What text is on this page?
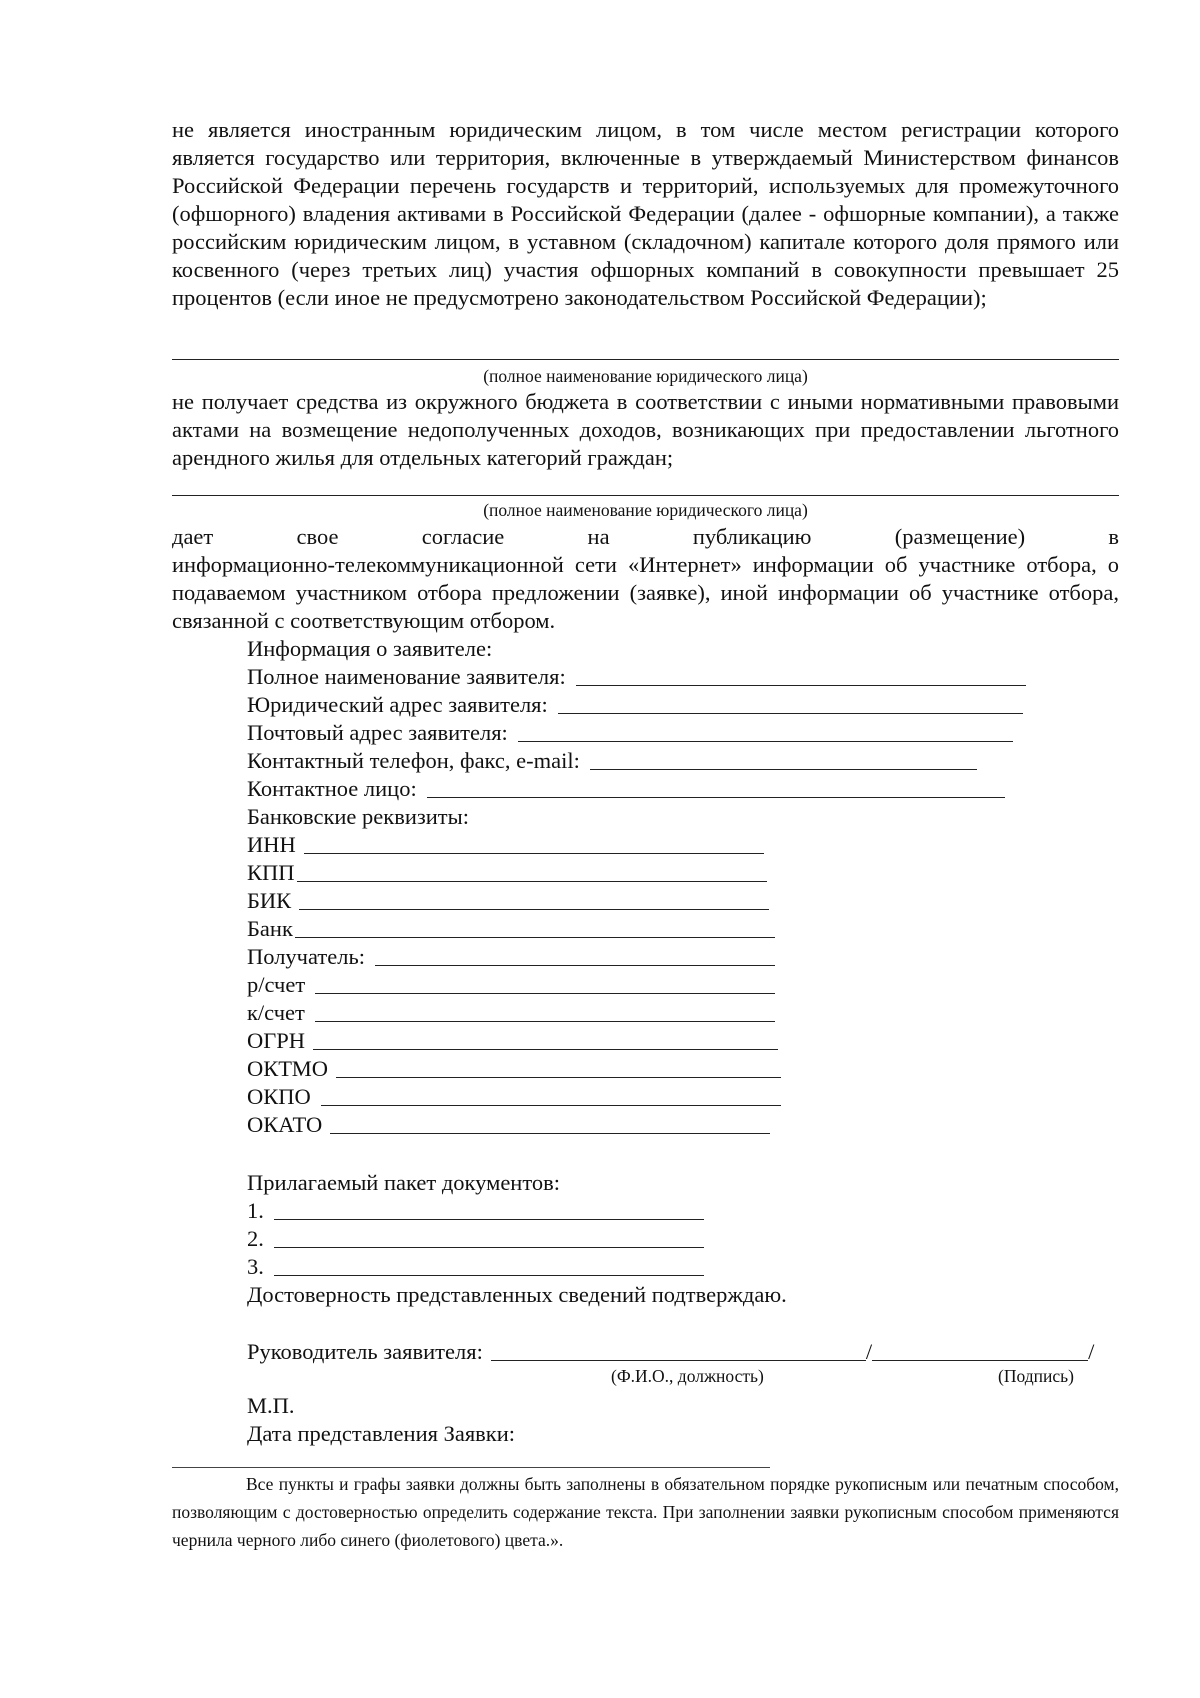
не является иностранным юридическим лицом, в том числе местом регистрации которого является государство или территория, включенные в утверждаемый Министерством финансов Российской Федерации перечень государств и территорий, используемых для промежуточного (офшорного) владения активами в Российской Федерации (далее - офшорные компании), а также российским юридическим лицом, в уставном (складочном) капитале которого доля прямого или косвенного (через третьих лиц) участия офшорных компаний в совокупности превышает 25 процентов (если иное не предусмотрено законодательством Российской Федерации);
(полное наименование юридического лица)
не получает средства из окружного бюджета в соответствии с иными нормативными правовыми актами на возмещение недополученных доходов, возникающих при предоставлении льготного арендного жилья для отдельных категорий граждан;
(полное наименование юридического лица)
дает свое согласие на публикацию (размещение) в
информационно-телекоммуникационной сети «Интернет» информации об участнике отбора, о подаваемом участником отбора предложении (заявке), иной информации об участнике отбора, связанной с соответствующим отбором.
Информация о заявителе:
Полное наименование заявителя:
Юридический адрес заявителя:
Почтовый адрес заявителя:
Контактный телефон, факс, e-mail:
Контактное лицо:
Банковские реквизиты:
ИНН
КПП
БИК
Банк
Получатель:
р/счет
к/счет
ОГРН
ОКТМО
ОКПО
ОКАТО
Прилагаемый пакет документов:
1.
2.
3.
Достоверность представленных сведений подтверждаю.
Руководитель заявителя:	/	/
(Ф.И.О., должность)	(Подпись)
М.П.
Дата представления Заявки:
Все пункты и графы заявки должны быть заполнены в обязательном порядке рукописным или печатным способом, позволяющим с достоверностью определить содержание текста. При заполнении заявки рукописным способом применяются чернила черного либо синего (фиолетового) цвета.».
